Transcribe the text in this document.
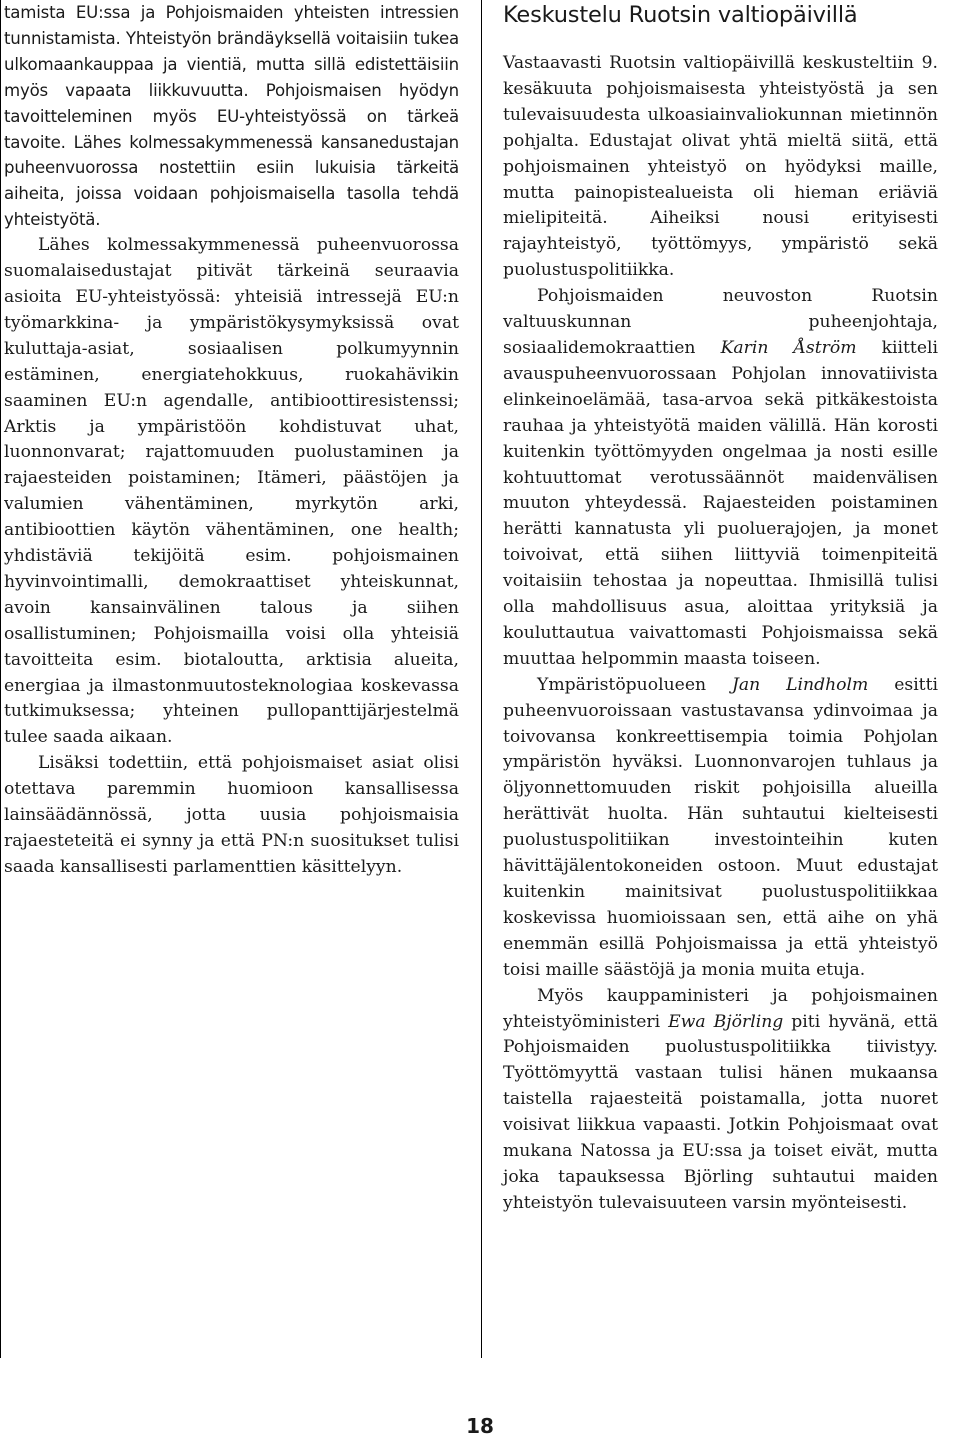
tamista EU:ssa ja Pohjoismaiden yhteisten intressien tunnistamista. Yhteistyön brändäyksellä voitaisiin tukea ulkomaankauppaa ja vientiä, mutta sillä edistettäisiin myös vapaata liikkuvuutta. Pohjoismaisen hyödyn tavoitteleminen myös EU-yhteistyössä on tärkeä tavoite. Lähes kolmessakymmenessä kansanedustajan puheenvuorossa nostettiin esiin lukuisia tärkeitä aiheita, joissa voidaan pohjoismaisella tasolla tehdä yhteistyötä.

Lähes kolmessakymmenessä puheenvuorossa suomalaisedustajat pitivät tärkeinä seuraavia asioita EU-yhteistyössä: yhteisiä intressejä EU:n työmarkkina- ja ympäristökysymyksissä ovat kuluttaja-asiat, sosiaalisen polkumyynnin estäminen, energiatehokkuus, ruokahävikin saaminen EU:n agendalle, antibioottiresistenssi; Arktis ja ympäristöön kohdistuvat uhat, luonnonvarat; rajattomuuden puolustaminen ja rajaesteiden poistaminen; Itämeri, päästöjen ja valumien vähentäminen, myrkytön arki, antibioottien käytön vähentäminen, one health; yhdistäviä tekijöitä esim. pohjoismainen hyvinvointimalli, demokraattiset yhteiskunnat, avoin kansainvälinen talous ja siihen osallistuminen; Pohjoismailla voisi olla yhteisiä tavoitteita esim. biotaloutta, arktisia alueita, energiaa ja ilmastonmuutosteknologiaa koskevassa tutkimuksessa; yhteinen pullopanttijärjestelmä tulee saada aikaan.

Lisäksi todettiin, että pohjoismaiset asiat olisi otettava paremmin huomioon kansallisessa lainsäädännössä, jotta uusia pohjoismaisia rajaesteteitä ei synny ja että PN:n suositukset tulisi saada kansallisesti parlamenttien käsittelyyn.

Keskustelu Ruotsin valtiopäivillä

Vastaavasti Ruotsin valtiopäivillä keskusteltiin 9. kesäkuuta pohjoismaisesta yhteistyöstä ja sen tulevaisuudesta ulkoasiainvaliokunnan mietinnön pohjalta. Edustajat olivat yhtä mieltä siitä, että pohjoismainen yhteistyö on hyödyksi maille, mutta painopistealueista oli hieman eriäviä mielipiteitä. Aiheiksi nousi erityisesti rajayhteistyö, työttömyys, ympäristö sekä puolustuspolitiikka.

Pohjoismaiden neuvoston Ruotsin valtuuskunnan puheenjohtaja, sosiaalidemokraattien Karin Åström kiitteli avauspuheenvuorossaan Pohjolan innovatiivista elinkeinoelämää, tasa-arvoa sekä pitkäkestoista rauhaa ja yhteistyötä maiden välillä. Hän korosti kuitenkin työttömyyden ongelmaa ja nosti esille kohtuuttomat verotussäännöt maidenvälisen muuton yhteydessä. Rajaesteiden poistaminen herätti kannatusta yli puoluerajojen, ja monet toivoivat, että siihen liittyviä toimenpiteitä voitaisiin tehostaa ja nopeuttaa. Ihmisillä tulisi olla mahdollisuus asua, aloittaa yrityksiä ja kouluttautua vaivattomasti Pohjoismaissa sekä muuttaa helpommin maasta toiseen.

Ympäristöpuolueen Jan Lindholm esitti puheenvuoroissaan vastustavansa ydinvoimaa ja toivovansa konkreettisempia toimia Pohjolan ympäristön hyväksi. Luonnonvarojen tuhlaus ja öljyonnettomuuden riskit pohjoisilla alueilla herättivät huolta. Hän suhtautui kielteisesti puolustuspolitiikan investointeihin kuten hävittäjälentokoneiden ostoon. Muut edustajat kuitenkin mainitsivat puolustuspolitiikkaa koskevissa huomioissaan sen, että aihe on yhä enemmän esillä Pohjoismaissa ja että yhteistyö toisi maille säästöjä ja monia muita etuja.

Myös kauppaministeri ja pohjoismainen yhteistyöministeri Ewa Björling piti hyvänä, että Pohjoismaiden puolustuspolitiikka tiivistyy. Työttömyyttä vastaan tulisi hänen mukaansa taistella rajaesteitä poistamalla, jotta nuoret voisivat liikkua vapaasti. Jotkin Pohjoismaat ovat mukana Natossa ja EU:ssa ja toiset eivät, mutta joka tapauksessa Björling suhtautui maiden yhteistyön tulevaisuuteen varsin myönteisesti.

18
